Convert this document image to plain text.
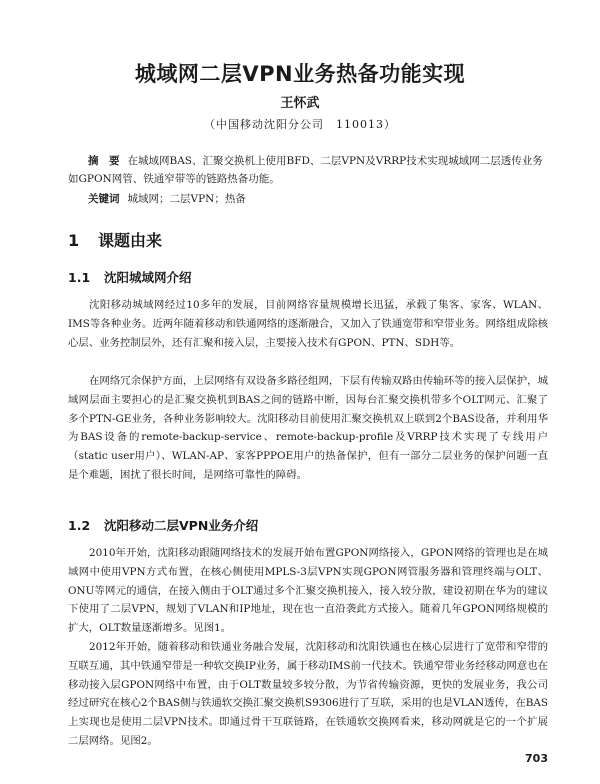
城域网二层VPN业务热备功能实现
王怀武
（中国移动沈阳分公司　110013）
摘　要 在城域网BAS、汇聚交换机上使用BFD、二层VPN及VRRP技术实现城域网二层透传业务如GPON网管、铁通窄带等的链路热备功能。
关键词 城域网；二层VPN；热备
1 课题由来
1.1 沈阳城域网介绍

沈阳移动城域网经过10多年的发展，目前网络容量规模增长迅猛，承载了集客、家客、WLAN、IMS等各种业务。近两年随着移动和铁通网络的逐渐融合，又加入了铁通宽带和窄带业务。网络组成除核心层、业务控制层外，还有汇聚和接入层，主要接入技术有GPON、PTN、SDH等。

在网络冗余保护方面，上层网络有双设备多路径组网，下层有传输双路由传输环等的接入层保护，城域网层面主要担心的是汇聚交换机到BAS之间的链路中断，因每台汇聚交换机带多个OLT网元、汇聚了多个PTN-GE业务，各种业务影响较大。沈阳移动目前使用汇聚交换机双上联到2个BAS设备，并利用华为BAS设备的remote-backup-service、remote-backup-profile及VRRP技术实现了专线用户（static user用户）、WLAN-AP、家客PPPOE用户的热备保护，但有一部分二层业务的保护问题一直是个难题，困扰了很长时间，是网络可靠性的障碍。

1.2 沈阳移动二层VPN业务介绍

2010年开始，沈阳移动跟随网络技术的发展开始布置GPON网络接入，GPON网络的管理也是在城域网中使用VPN方式布置，在核心侧使用MPLS-3层VPN实现GPON网管服务器和管理终端与OLT、ONU等网元的通信，在接入侧由于OLT通过多个汇聚交换机接入，接入较分散，建设初期在华为的建议下使用了二层VPN，规划了VLAN和IP地址，现在也一直沿袭此方式接入。随着几年GPON网络规模的扩大，OLT数量逐渐增多。见图1。

2012年开始，随着移动和铁通业务融合发展，沈阳移动和沈阳铁通也在核心层进行了宽带和窄带的互联互通，其中铁通窄带是一种软交换IP业务，属于移动IMS前一代技术。铁通窄带业务经移动网意也在移动接入层GPON网络中布置，由于OLT数量较多较分散，为节省传输资源，更快的发展业务，我公司经过研究在核心2个BAS侧与铁通软交换汇聚交换机S9306进行了互联，采用的也是VLAN透传，在BAS上实现也是使用二层VPN技术。即通过骨干互联链路，在铁通软交换网看来，移动网就是它的一个扩展二层网络。见图2。

703
